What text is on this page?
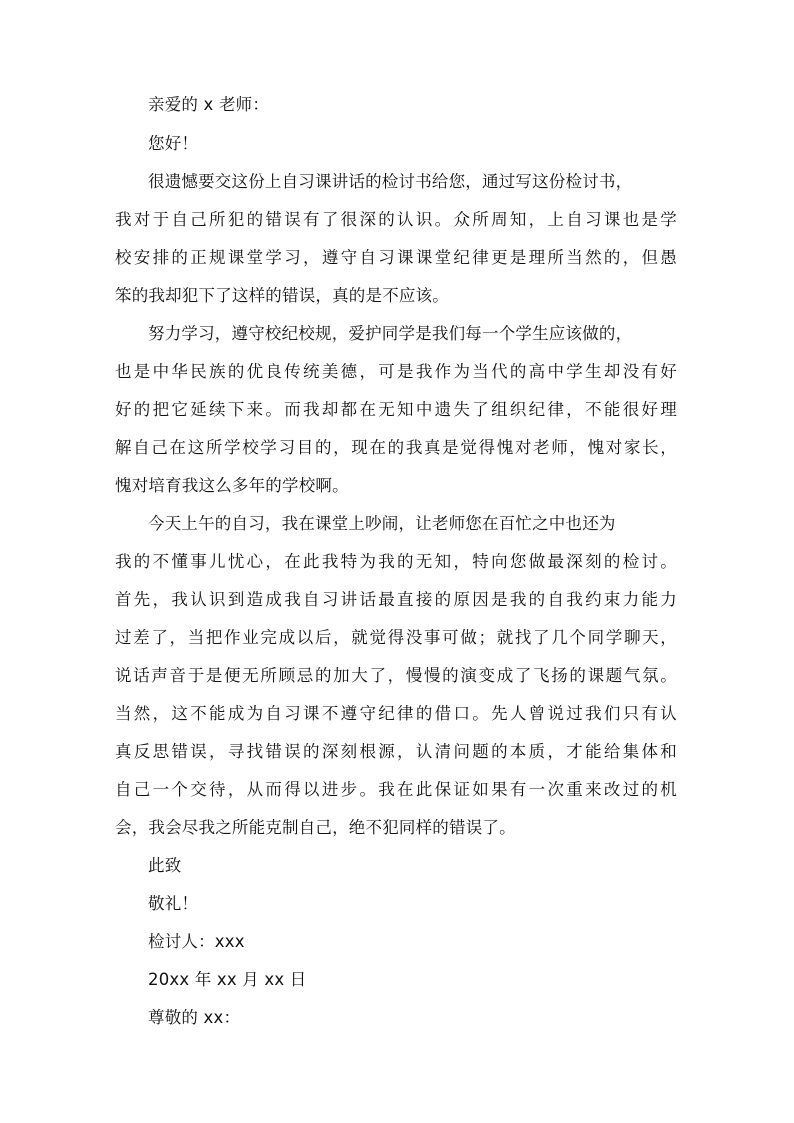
亲爱的 x 老师：
您好！
很遗憾要交这份上自习课讲话的检讨书给您，通过写这份检讨书，
我对于自己所犯的错误有了很深的认识。众所周知，上自习课也是学
校安排的正规课堂学习，遵守自习课课堂纪律更是理所当然的，但愚
笨的我却犯下了这样的错误，真的是不应该。
努力学习，遵守校纪校规，爱护同学是我们每一个学生应该做的，
也是中华民族的优良传统美德，可是我作为当代的高中学生却没有好
好的把它延续下来。而我却都在无知中遗失了组织纪律，不能很好理
解自己在这所学校学习目的，现在的我真是觉得愧对老师，愧对家长，
愧对培育我这么多年的学校啊。
今天上午的自习，我在课堂上吵闹，让老师您在百忙之中也还为
我的不懂事儿忧心，在此我特为我的无知，特向您做最深刻的检讨。
首先，我认识到造成我自习讲话最直接的原因是我的自我约束力能力
过差了，当把作业完成以后，就觉得没事可做；就找了几个同学聊天，
说话声音于是便无所顾忌的加大了，慢慢的演变成了飞扬的课题气氛。
当然，这不能成为自习课不遵守纪律的借口。先人曾说过我们只有认
真反思错误，寻找错误的深刻根源，认清问题的本质，才能给集体和
自己一个交待，从而得以进步。我在此保证如果有一次重来改过的机
会，我会尽我之所能克制自己，绝不犯同样的错误了。
此致
敬礼！
检讨人：xxx
20xx 年 xx 月 xx 日
尊敬的 xx：
